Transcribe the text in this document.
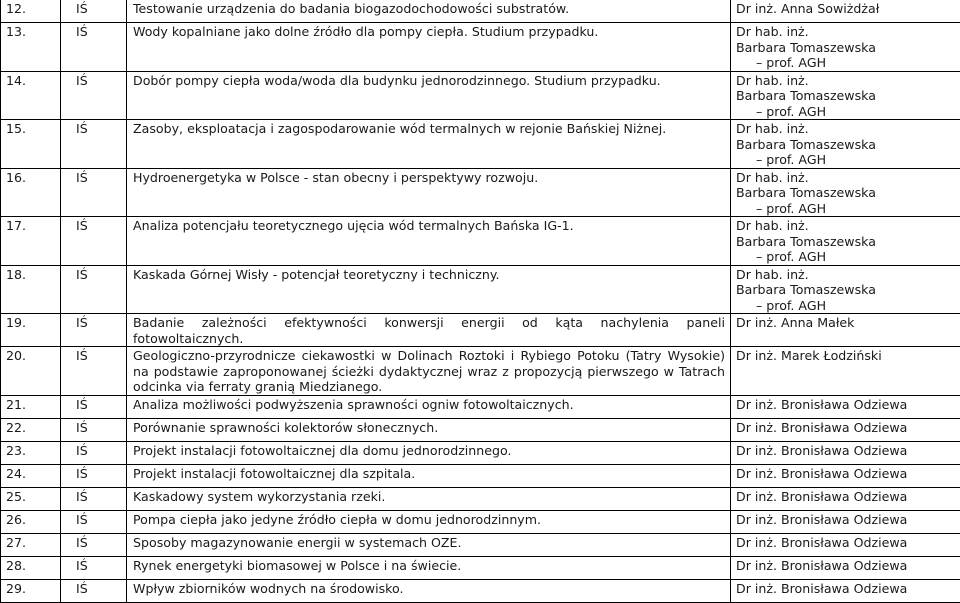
12.	IŚ	Testowanie urządzenia do badania biogazodochodowości substratów.	Dr inż. Anna Sowiżdżał

13.	IŚ	Wody kopalniane jako dolne źródło dla pompy ciepła. Studium przypadku.	Dr hab. inż.
Barbara Tomaszewska
– prof. AGH

14.	IŚ	Dobór pompy ciepła woda/woda dla budynku jednorodzinnego. Studium przypadku.	Dr hab. inż.
Barbara Tomaszewska
– prof. AGH

15.	IŚ	Zasoby, eksploatacja i zagospodarowanie wód termalnych w rejonie Bańskiej Niżnej.	Dr hab. inż.
Barbara Tomaszewska
– prof. AGH

16.	IŚ	Hydroenergetyka w Polsce - stan obecny i perspektywy rozwoju.	Dr hab. inż.
Barbara Tomaszewska
– prof. AGH

17.	IŚ	Analiza potencjału teoretycznego ujęcia wód termalnych Bańska IG-1.	Dr hab. inż.
Barbara Tomaszewska
– prof. AGH

18.	IŚ	Kaskada Górnej Wisły - potencjał teoretyczny i techniczny.	Dr hab. inż.
Barbara Tomaszewska
– prof. AGH

19.	IŚ	Badanie zależności efektywności konwersji energii od kąta nachylenia paneli fotowoltaicznych.	Dr inż. Anna Małek

20.	IŚ	Geologiczno-przyrodnicze ciekawostki w Dolinach Roztoki i Rybiego Potoku (Tatry Wysokie) na podstawie zaproponowanej ścieżki dydaktycznej wraz z propozycją pierwszego w Tatrach odcinka via ferraty granią Miedzianego.	Dr inż. Marek Łodziński

21.	IŚ	Analiza możliwości podwyższenia sprawności ogniw fotowoltaicznych.	Dr inż. Bronisława Odziewa

22.	IŚ	Porównanie sprawności kolektorów słonecznych.	Dr inż. Bronisława Odziewa

23.	IŚ	Projekt instalacji fotowoltaicznej dla domu jednorodzinnego.	Dr inż. Bronisława Odziewa

24.	IŚ	Projekt instalacji fotowoltaicznej dla szpitala.	Dr inż. Bronisława Odziewa

25.	IŚ	Kaskadowy system wykorzystania rzeki.	Dr inż. Bronisława Odziewa

26.	IŚ	Pompa ciepła jako jedyne źródło ciepła w domu jednorodzinnym.	Dr inż. Bronisława Odziewa

27.	IŚ	Sposoby magazynowanie energii w systemach OZE.	Dr inż. Bronisława Odziewa

28.	IŚ	Rynek energetyki biomasowej w Polsce i na świecie.	Dr inż. Bronisława Odziewa

29.	IŚ	Wpływ zbiorników wodnych na środowisko.	Dr inż. Bronisława Odziewa
